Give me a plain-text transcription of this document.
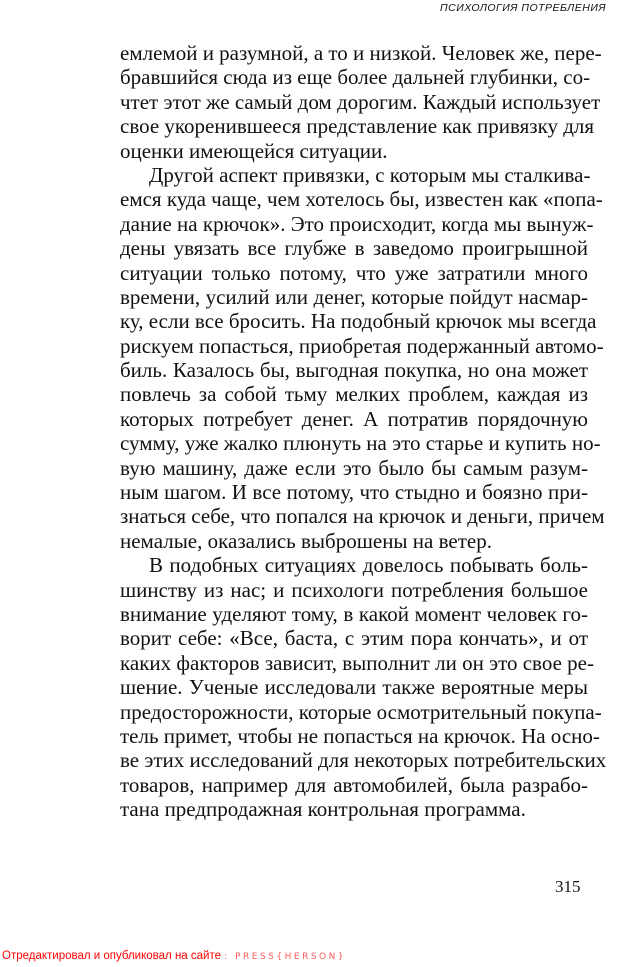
ПСИХОЛОГИЯ ПОТРЕБЛЕНИЯ
емлемой и разумной, а то и низкой. Человек же, пере-
бравшийся сюда из еще более дальней глубинки, со-
чтет этот же самый дом дорогим. Каждый использует
свое укоренившееся представление как привязку для
оценки имеющейся ситуации.
Другой аспект привязки, с которым мы сталкива-
емся куда чаще, чем хотелось бы, известен как «попа-
дание на крючок». Это происходит, когда мы вынуж-
дены увязать все глубже в заведомо проигрышной
ситуации только потому, что уже затратили много
времени, усилий или денег, которые пойдут насмар-
ку, если все бросить. На подобный крючок мы всегда
рискуем попасться, приобретая подержанный автомо-
биль. Казалось бы, выгодная покупка, но она может
повлечь за собой тьму мелких проблем, каждая из
которых потребует денег. А потратив порядочную
сумму, уже жалко плюнуть на это старье и купить но-
вую машину, даже если это было бы самым разум-
ным шагом. И все потому, что стыдно и боязно при-
знаться себе, что попался на крючок и деньги, причем
немалые, оказались выброшены на ветер.
В подобных ситуациях довелось побывать боль-
шинству из нас; и психологи потребления большое
внимание уделяют тому, в какой момент человек го-
ворит себе: «Все, баста, с этим пора кончать», и от
каких факторов зависит, выполнит ли он это свое ре-
шение. Ученые исследовали также вероятные меры
предосторожности, которые осмотрительный покупа-
тель примет, чтобы не попасться на крючок. На осно-
ве этих исследований для некоторых потребительских
товаров, например для автомобилей, была разрабо-
тана предпродажная контрольная программа.
315
Отредактировал и опубликовал на сайте : PRESS{HERSON}
